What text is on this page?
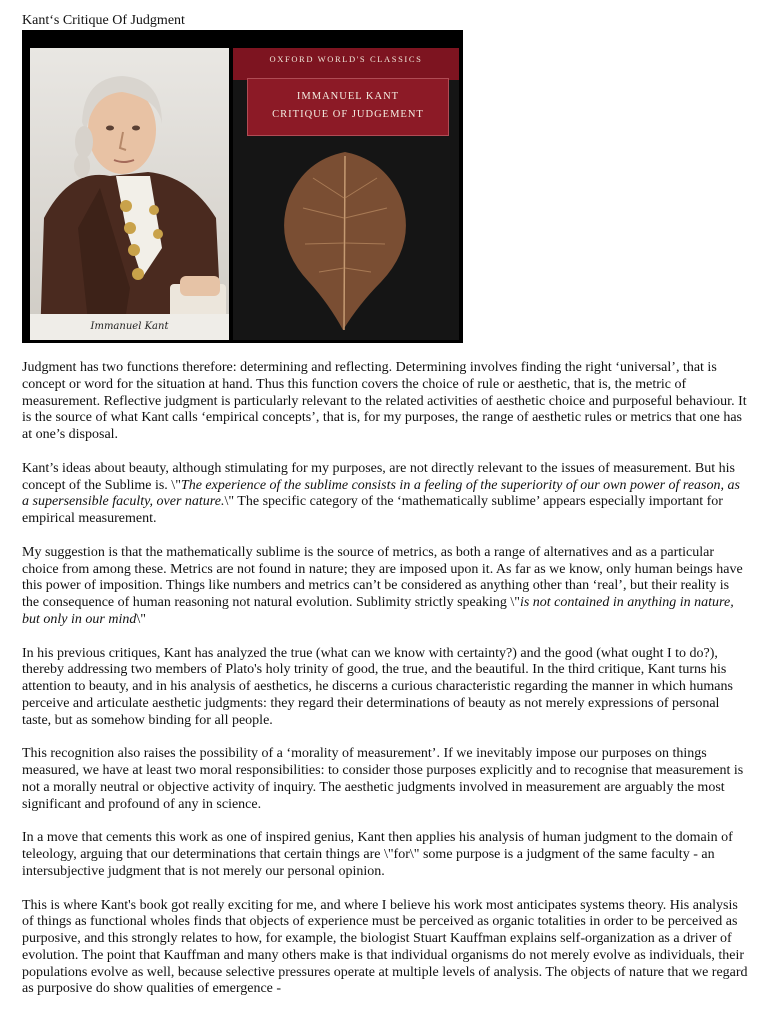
Kant‘s Critique Of Judgment
Immanuel Kant
OXFORD WORLD'S CLASSICS
IMMANUEL KANT
CRITIQUE OF JUDGEMENT

Judgment has two functions therefore: determining and reflecting. Determining involves finding the right ‘universal’, that is concept or word for the situation at hand. Thus this function covers the choice of rule or aesthetic, that is, the metric of measurement. Reflective judgment is particularly relevant to the related activities of aesthetic choice and purposeful behaviour. It is the source of what Kant calls ‘empirical concepts’, that is, for my purposes, the range of aesthetic rules or metrics that one has at one’s disposal.

Kant’s ideas about beauty, although stimulating for my purposes, are not directly relevant to the issues of measurement. But his concept of the Sublime is. \"The experience of the sublime consists in a feeling of the superiority of our own power of reason, as a supersensible faculty, over nature.\" The specific category of the ‘mathematically sublime’ appears especially important for empirical measurement.

My suggestion is that the mathematically sublime is the source of metrics, as both a range of alternatives and as a particular choice from among these. Metrics are not found in nature; they are imposed upon it. As far as we know, only human beings have this power of imposition. Things like numbers and metrics can’t be considered as anything other than ‘real’, but their reality is the consequence of human reasoning not natural evolution. Sublimity strictly speaking \"is not contained in anything in nature, but only in our mind\"

In his previous critiques, Kant has analyzed the true (what can we know with certainty?) and the good (what ought I to do?), thereby addressing two members of Plato's holy trinity of good, the true, and the beautiful. In the third critique, Kant turns his attention to beauty, and in his analysis of aesthetics, he discerns a curious characteristic regarding the manner in which humans perceive and articulate aesthetic judgments: they regard their determinations of beauty as not merely expressions of personal taste, but as somehow binding for all people.

This recognition also raises the possibility of a ‘morality of measurement’. If we inevitably impose our purposes on things measured, we have at least two moral responsibilities: to consider those purposes explicitly and to recognise that measurement is not a morally neutral or objective activity of inquiry. The aesthetic judgments involved in measurement are arguably the most significant and profound of any in science.

In a move that cements this work as one of inspired genius, Kant then applies his analysis of human judgment to the domain of teleology, arguing that our determinations that certain things are \"for\" some purpose is a judgment of the same faculty - an intersubjective judgment that is not merely our personal opinion.

This is where Kant's book got really exciting for me, and where I believe his work most anticipates systems theory. His analysis of things as functional wholes finds that objects of experience must be perceived as organic totalities in order to be perceived as purposive, and this strongly relates to how, for example, the biologist Stuart Kauffman explains self-organization as a driver of evolution. The point that Kauffman and many others make is that individual organisms do not merely evolve as individuals, their populations evolve as well, because selective pressures operate at multiple levels of analysis. The objects of nature that we regard as purposive do show qualities of emergence -
